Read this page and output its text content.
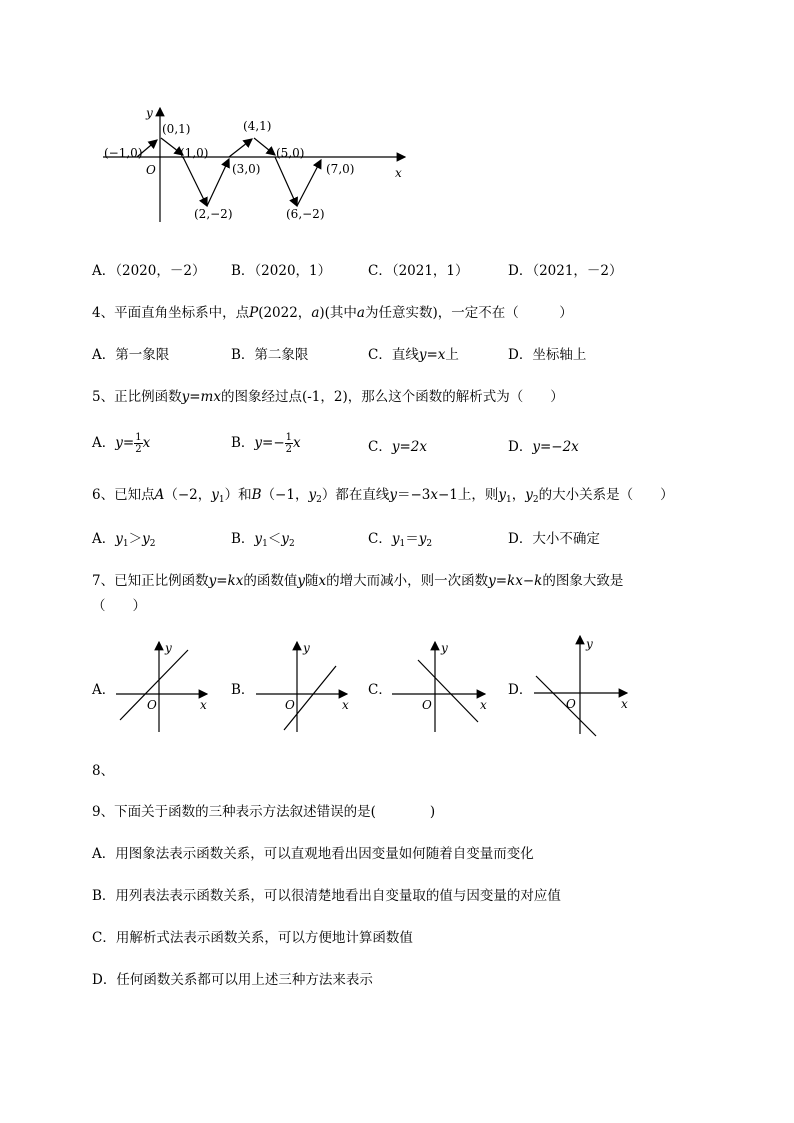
y
x
O
(−1,0)
(0,1)
(1,0)
(2,−2)
(3,0)
(4,1)
(5,0)
(6,−2)
(7,0)
A．（2020，－2） B．（2020，1）	C．（2021，1）	D．（2021，－2）
4、平面直角坐标系中，点P(2022，a)(其中a为任意实数)，一定不在（　　　）
A．第一象限	B．第二象限	C．直线y=x上	D．坐标轴上
5、正比例函数y=mx的图象经过点(-1，2)，那么这个函数的解析式为（　　）
A．$y= \frac{1}{2}$ x	B．$y=- \frac{1}{2}$ x	C．y=2x	D．y=−2x
6、已知点A（−2，$y_1$）和B（−1，$y_2$）都在直线y＝−3x−1上，则$y_1$，$y_2$的大小关系是（　　）
A．$y_1>y_2$	B．$y_1<y_2$	C．$y_1=y_2$	D．大小不确定
7、已知正比例函数y=kx的函数值y随x的增大而减小，则一次函数y=kx−k的图象大致是
（　　）
A．
y
x
O
B．
y
x
O
C．
y
x
O
D．
y
x
O
8、
9、下面关于函数的三种表示方法叙述错误的是(　　　　)
A．用图象法表示函数关系，可以直观地看出因变量如何随着自变量而变化
B．用列表法表示函数关系，可以很清楚地看出自变量取的值与因变量的对应值
C．用解析式法表示函数关系，可以方便地计算函数值
D．任何函数关系都可以用上述三种方法来表示
